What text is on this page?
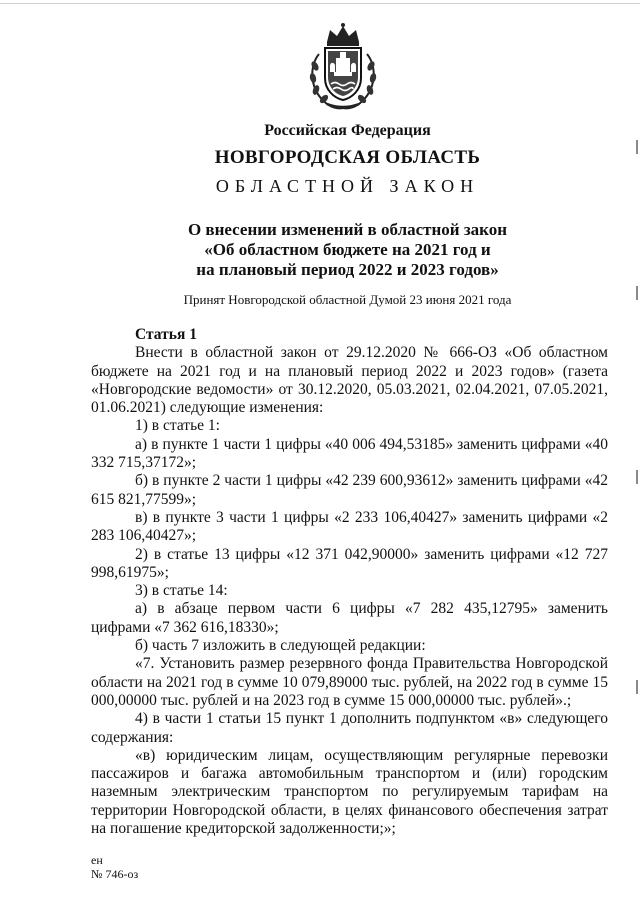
Российская Федерация
НОВГОРОДСКАЯ ОБЛАСТЬ
ОБЛАСТНОЙ ЗАКОН
О внесении изменений в областной закон
«Об областном бюджете на 2021 год и
на плановый период 2022 и 2023 годов»
Принят Новгородской областной Думой 23 июня 2021 года
Статья 1

Внести в областной закон от 29.12.2020 № 666-ОЗ «Об областном бюджете на 2021 год и на плановый период 2022 и 2023 годов» (газета «Новгородские ведомости» от 30.12.2020, 05.03.2021, 02.04.2021, 07.05.2021, 01.06.2021) следующие изменения:

1) в статье 1:

а) в пункте 1 части 1 цифры «40 006 494,53185» заменить цифрами «40 332 715,37172»;

б) в пункте 2 части 1 цифры «42 239 600,93612» заменить цифрами «42 615 821,77599»;

в) в пункте 3 части 1 цифры «2 233 106,40427» заменить цифрами «2 283 106,40427»;

2) в статье 13 цифры «12 371 042,90000» заменить цифрами «12 727 998,61975»;

3) в статье 14:

а) в абзаце первом части 6 цифры «7 282 435,12795» заменить цифрами «7 362 616,18330»;

б) часть 7 изложить в следующей редакции:

«7. Установить размер резервного фонда Правительства Новгородской области на 2021 год в сумме 10 079,89000 тыс. рублей, на 2022 год в сумме 15 000,00000 тыс. рублей и на 2023 год в сумме 15 000,00000 тыс. рублей».;

4) в части 1 статьи 15 пункт 1 дополнить подпунктом «в» следующего содержания:

«в) юридическим лицам, осуществляющим регулярные перевозки пассажиров и багажа автомобильным транспортом и (или) городским наземным электрическим транспортом по регулируемым тарифам на территории Новгородской области, в целях финансового обеспечения затрат на погашение кредиторской задолженности;»;

ен
№ 746-оз
